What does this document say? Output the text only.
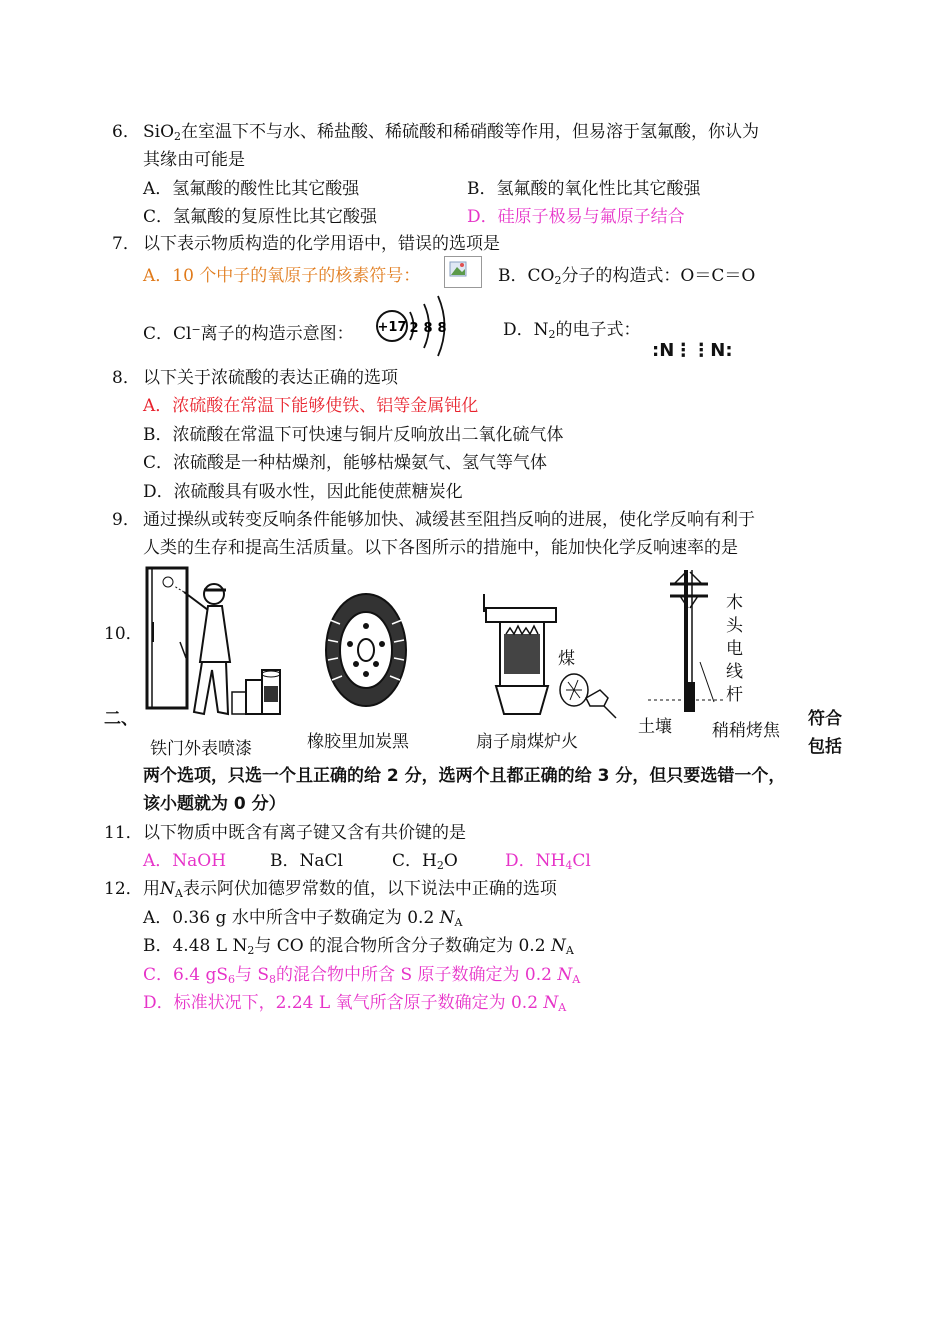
6． SiO$_2$在室温下不与水、稀盐酸、稀硫酸和稀硝酸等作用，但易溶于氢氟酸，你认为
其缘由可能是
A．氢氟酸的酸性比其它酸强	B．氢氟酸的氧化性比其它酸强
C．氢氟酸的复原性比其它酸强	D．硅原子极易与氟原子结合
7． 以下表示物质构造的化学用语中，错误的选项是
A．10 个中子的氧原子的核素符号：	B．$CO_2$分子的构造式：O＝C＝O
C．Cl−离子的构造示意图： +17 2 8 8	D．$N_2$的电子式：
:N⋮⋮N:
8． 以下关于浓硫酸的表达正确的选项
A．浓硫酸在常温下能够使铁、铝等金属钝化
B．浓硫酸在常温下可快速与铜片反响放出二氧化硫气体
C．浓硫酸是一种枯燥剂，能够枯燥氨气、氢气等气体
D．浓硫酸具有吸水性，因此能使蔗糖炭化
9． 通过操纵或转变反响条件能够加快、减缓甚至阻挡反响的进展，使化学反响有利于
人类的生存和提高生活质量。以下各图所示的措施中，能加快化学反响速率的是
10．
二、	符合
包括
两个选项，只选一个且正确的给 2 分，选两个且都正确的给 3 分，但只要选错一个，
该小题就为 0 分）
煤
木
头
电
线
杆
铁门外表喷漆	橡胶里加炭黑	扇子扇煤炉火
土壤 稍稍烤焦
11． 以下物质中既含有离子键又含有共价键的是
A．NaOH	B．NaCl	C．$H_2O$	D．$NH_4Cl$
12． 用$N_A$表示阿伏加德罗常数的值，以下说法中正确的选项
A．0.36 g 水中所含中子数确定为 0.2 $N_A$
B．4.48 L $N_2$与 CO 的混合物所含分子数确定为 0.2 $N_A$
C．6.4 $gS_6$与 $S_8$的混合物中所含 S 原子数确定为 0.2 $N_A$
D．标准状况下，2.24 L 氧气所含原子数确定为 0.2 $N_A$
